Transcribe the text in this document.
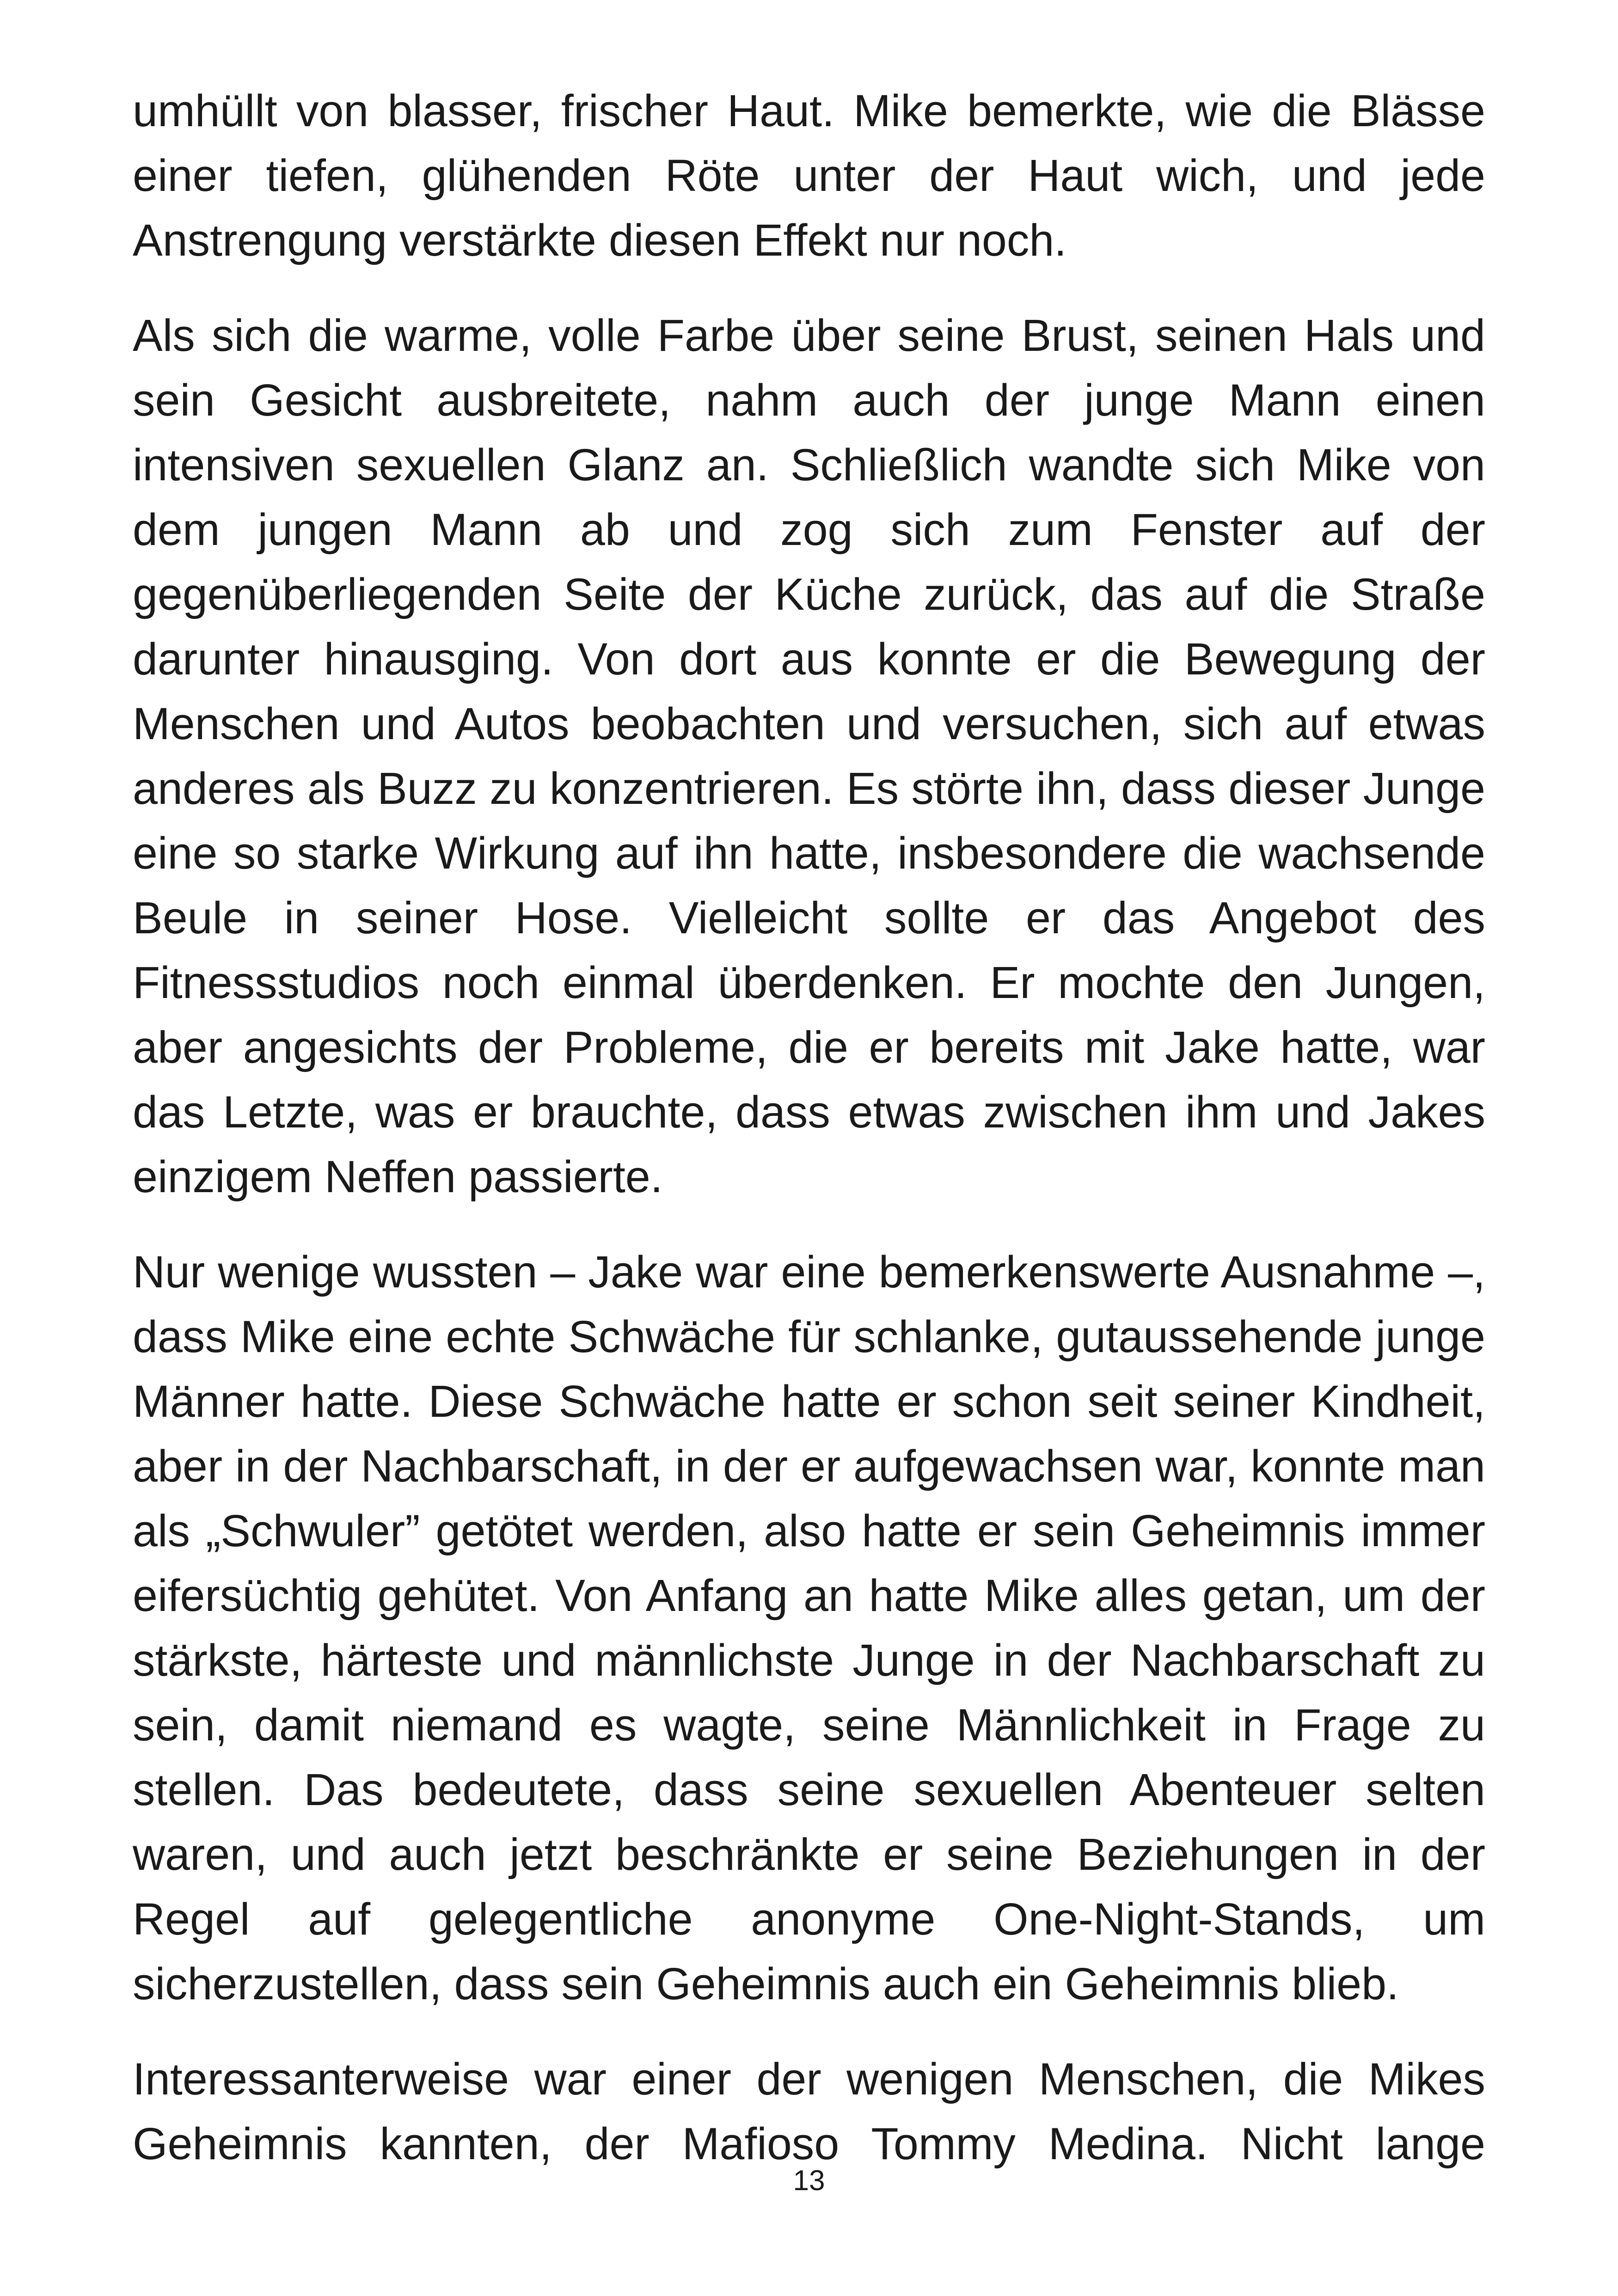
umhüllt von blasser, frischer Haut. Mike bemerkte, wie die Blässe einer tiefen, glühenden Röte unter der Haut wich, und jede Anstrengung verstärkte diesen Effekt nur noch.

Als sich die warme, volle Farbe über seine Brust, seinen Hals und sein Gesicht ausbreitete, nahm auch der junge Mann einen intensiven sexuellen Glanz an. Schließlich wandte sich Mike von dem jungen Mann ab und zog sich zum Fenster auf der gegenüberliegenden Seite der Küche zurück, das auf die Straße darunter hinausging. Von dort aus konnte er die Bewegung der Menschen und Autos beobachten und versuchen, sich auf etwas anderes als Buzz zu konzentrieren. Es störte ihn, dass dieser Junge eine so starke Wirkung auf ihn hatte, insbesondere die wachsende Beule in seiner Hose. Vielleicht sollte er das Angebot des Fitnessstudios noch einmal überdenken. Er mochte den Jungen, aber angesichts der Probleme, die er bereits mit Jake hatte, war das Letzte, was er brauchte, dass etwas zwischen ihm und Jakes einzigem Neffen passierte.

Nur wenige wussten – Jake war eine bemerkenswerte Ausnahme –, dass Mike eine echte Schwäche für schlanke, gutaussehende junge Männer hatte. Diese Schwäche hatte er schon seit seiner Kindheit, aber in der Nachbarschaft, in der er aufgewachsen war, konnte man als „Schwuler” getötet werden, also hatte er sein Geheimnis immer eifersüchtig gehütet. Von Anfang an hatte Mike alles getan, um der stärkste, härteste und männlichste Junge in der Nachbarschaft zu sein, damit niemand es wagte, seine Männlichkeit in Frage zu stellen. Das bedeutete, dass seine sexuellen Abenteuer selten waren, und auch jetzt beschränkte er seine Beziehungen in der Regel auf gelegentliche anonyme One-Night-Stands, um sicherzustellen, dass sein Geheimnis auch ein Geheimnis blieb.

Interessanterweise war einer der wenigen Menschen, die Mikes Geheimnis kannten, der Mafioso Tommy Medina. Nicht lange

13
